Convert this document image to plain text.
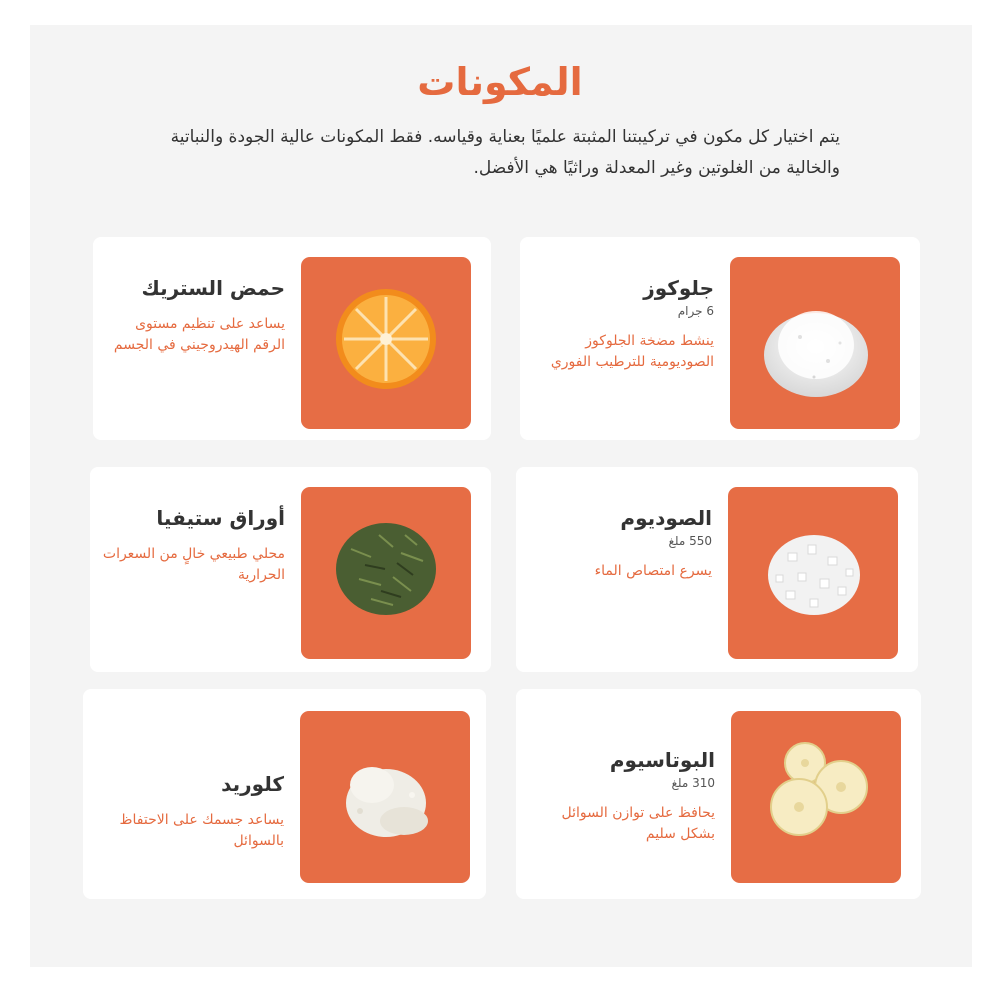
المكونات

يتم اختيار كل مكون في تركيبتنا المثبتة علميًا بعناية وقياسه. فقط المكونات عالية الجودة والنباتية والخالية من الغلوتين وغير المعدلة وراثيًا هي الأفضل.

جلوكوز
6 جرام
ينشط مضخة الجلوكوز الصوديومية للترطيب الفوري
حمض الستريك
يساعد على تنظيم مستوى الرقم الهيدروجيني في الجسم
الصوديوم
550 ملغ
يسرع امتصاص الماء
أوراق ستيفيا
محلي طبيعي خالٍ من السعرات الحرارية
البوتاسيوم
310 ملغ
يحافظ على توازن السوائل بشكل سليم
كلوريد
يساعد جسمك على الاحتفاظ بالسوائل
